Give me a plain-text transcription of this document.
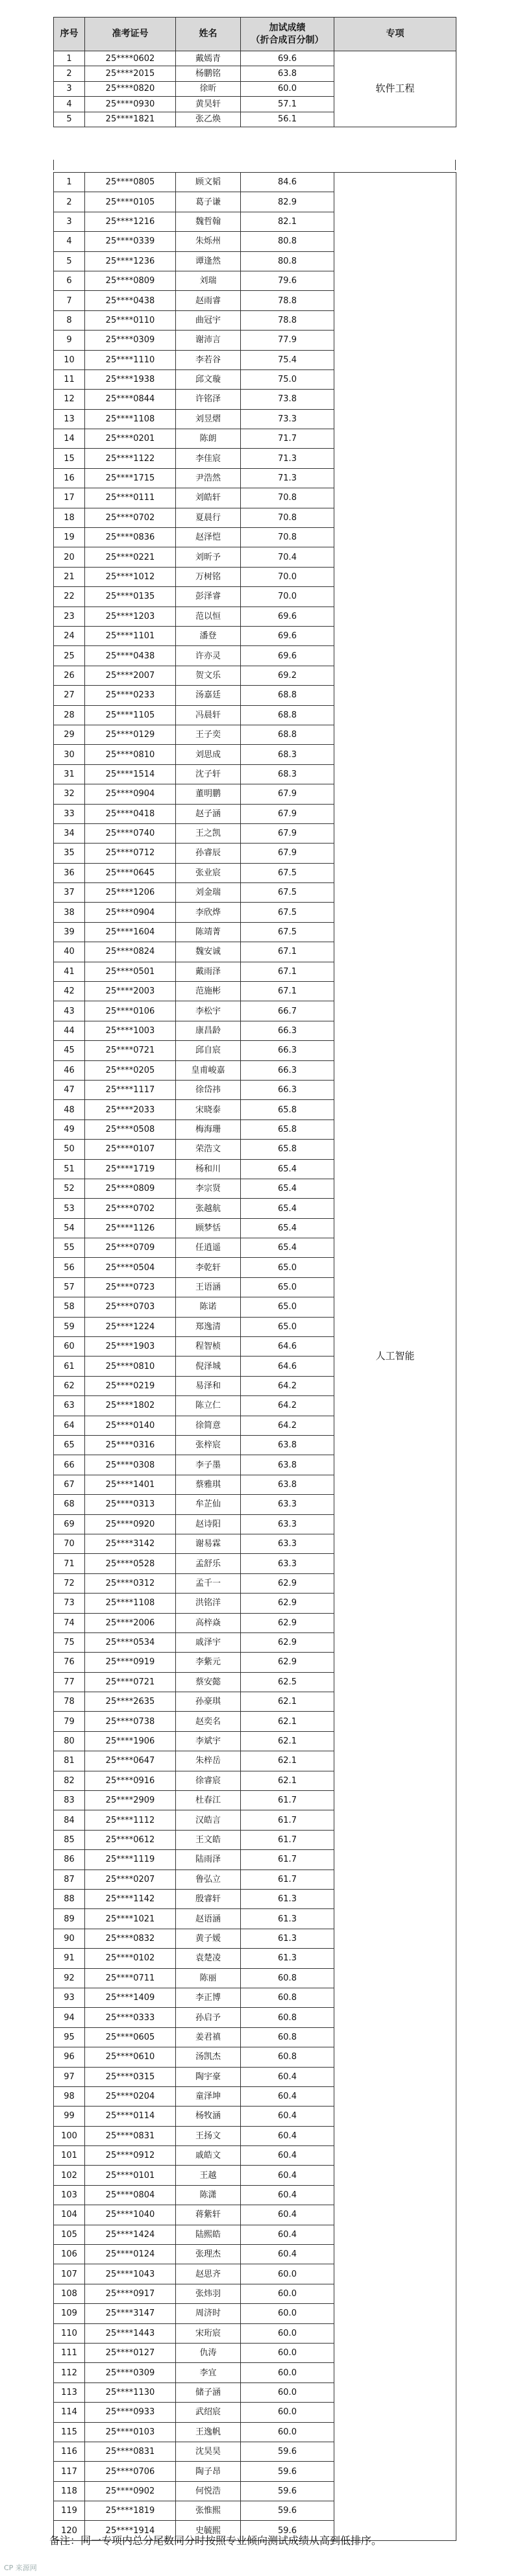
序号	准考证号	姓名	加试成绩
（折合成百分制）	专项
1	25****0602	戴嫣青	69.6	软件工程
2	25****2015	杨鹏铭	63.8	
3	25****0820	徐昕	60.0	
4	25****0930	黄昊轩	57.1	
5	25****1821	张乙焕	56.1	
1	25****0805	顾文韬	84.6	人工智能
2	25****0105	葛子谦	82.9	
3	25****1216	魏哲翰	82.1	
4	25****0339	朱烁州	80.8	
5	25****1236	谭逢然	80.8	
6	25****0809	刘瑞	79.6	
7	25****0438	赵雨睿	78.8	
8	25****0110	曲冠宇	78.8	
9	25****0309	谢沛言	77.9	
10	25****1110	李若谷	75.4	
11	25****1938	邱文璇	75.0	
12	25****0844	许铭泽	73.8	
13	25****1108	刘昱熠	73.3	
14	25****0201	陈朗	71.7	
15	25****1122	李佳宸	71.3	
16	25****1715	尹浩然	71.3	
17	25****0111	刘皓轩	70.8	
18	25****0702	夏晨行	70.8	
19	25****0836	赵泽恺	70.8	
20	25****0221	刘昕予	70.4	
21	25****1012	万树铭	70.0	
22	25****0135	彭泽睿	70.0	
23	25****1203	范以恒	69.6	
24	25****1101	潘登	69.6	
25	25****0438	许亦灵	69.6	
26	25****2007	贺文乐	69.2	
27	25****0233	汤嘉廷	68.8	
28	25****1105	冯晨轩	68.8	
29	25****0129	王子奕	68.8	
30	25****0810	刘思成	68.3	
31	25****1514	沈子轩	68.3	
32	25****0904	董明鹏	67.9	
33	25****0418	赵子涵	67.9	
34	25****0740	王之凯	67.9	
35	25****0712	孙睿辰	67.9	
36	25****0645	张业宸	67.5	
37	25****1206	刘金瑞	67.5	
38	25****0904	李欣烨	67.5	
39	25****1604	陈靖菁	67.5	
40	25****0824	魏安诚	67.1	
41	25****0501	戴雨泽	67.1	
42	25****2003	范施彬	67.1	
43	25****0106	李松宇	66.7	
44	25****1003	康昌龄	66.3	
45	25****0721	邱自宸	66.3	
46	25****0205	皇甫峻嘉	66.3	
47	25****1117	徐岱祎	66.3	
48	25****2033	宋晓泰	65.8	
49	25****0508	梅海珊	65.8	
50	25****0107	荣浩文	65.8	
51	25****1719	杨和川	65.4	
52	25****0809	李宗贤	65.4	
53	25****0702	张越航	65.4	
54	25****1126	顾梦恬	65.4	
55	25****0709	任逍遥	65.4	
56	25****0504	李乾轩	65.0	
57	25****0723	王语涵	65.0	
58	25****0703	陈诺	65.0	
59	25****1224	郑逸清	65.0	
60	25****1903	程智桢	64.6	
61	25****0810	倪泽城	64.6	
62	25****0219	易泽和	64.2	
63	25****1802	陈立仁	64.2	
64	25****0140	徐简意	64.2	
65	25****0316	张梓宸	63.8	
66	25****0308	李子墨	63.8	
67	25****1401	蔡雅琪	63.8	
68	25****0313	牟芷仙	63.3	
69	25****0920	赵诗阳	63.3	
70	25****3142	谢易霖	63.3	
71	25****0528	孟舒乐	63.3	
72	25****0312	孟千一	62.9	
73	25****1108	洪铭洋	62.9	
74	25****2006	高梓焱	62.9	
75	25****0534	戚泽宇	62.9	
76	25****0919	李紫元	62.9	
77	25****0721	蔡安懿	62.5	
78	25****2635	孙豪琪	62.1	
79	25****0738	赵奕名	62.1	
80	25****1906	李斌宇	62.1	
81	25****0647	朱梓岳	62.1	
82	25****0916	徐睿宸	62.1	
83	25****2909	杜春江	61.7	
84	25****1112	汉皓言	61.7	
85	25****0612	王文皓	61.7	
86	25****1119	陆雨泽	61.7	
87	25****0207	鲁弘立	61.7	
88	25****1142	殷睿轩	61.3	
89	25****1021	赵语涵	61.3	
90	25****0832	黄子媛	61.3	
91	25****0102	袁楚凌	61.3	
92	25****0711	陈丽	60.8	
93	25****1409	李正博	60.8	
94	25****0333	孙启予	60.8	
95	25****0605	姜君禛	60.8	
96	25****0610	汤凯杰	60.8	
97	25****0315	陶宇豪	60.4	
98	25****0204	童泽坤	60.4	
99	25****0114	杨牧涵	60.4	
100	25****0831	王扬文	60.4	
101	25****0912	戚皓文	60.4	
102	25****0101	王越	60.4	
103	25****0804	陈潇	60.4	
104	25****1040	蒋紫轩	60.4	
105	25****1424	陆熙皓	60.4	
106	25****0124	张理杰	60.4	
107	25****1043	赵思齐	60.0	
108	25****0917	张炜羽	60.0	
109	25****3147	周济时	60.0	
110	25****1443	宋珩宸	60.0	
111	25****0127	仇涛	60.0	
112	25****0309	李宜	60.0	
113	25****1130	储子涵	60.0	
114	25****0933	武绍宸	60.0	
115	25****0103	王逸帆	60.0	
116	25****0831	沈昊昊	59.6	
117	25****0706	陶子昂	59.6	
118	25****0902	何悦浩	59.6	
119	25****1819	张惟熙	59.6	
120	25****1914	史毓熙	59.6	
备注：同一专项内总分尾数同分时按照专业倾向测试成绩从高到低排序。
CP 来源网
